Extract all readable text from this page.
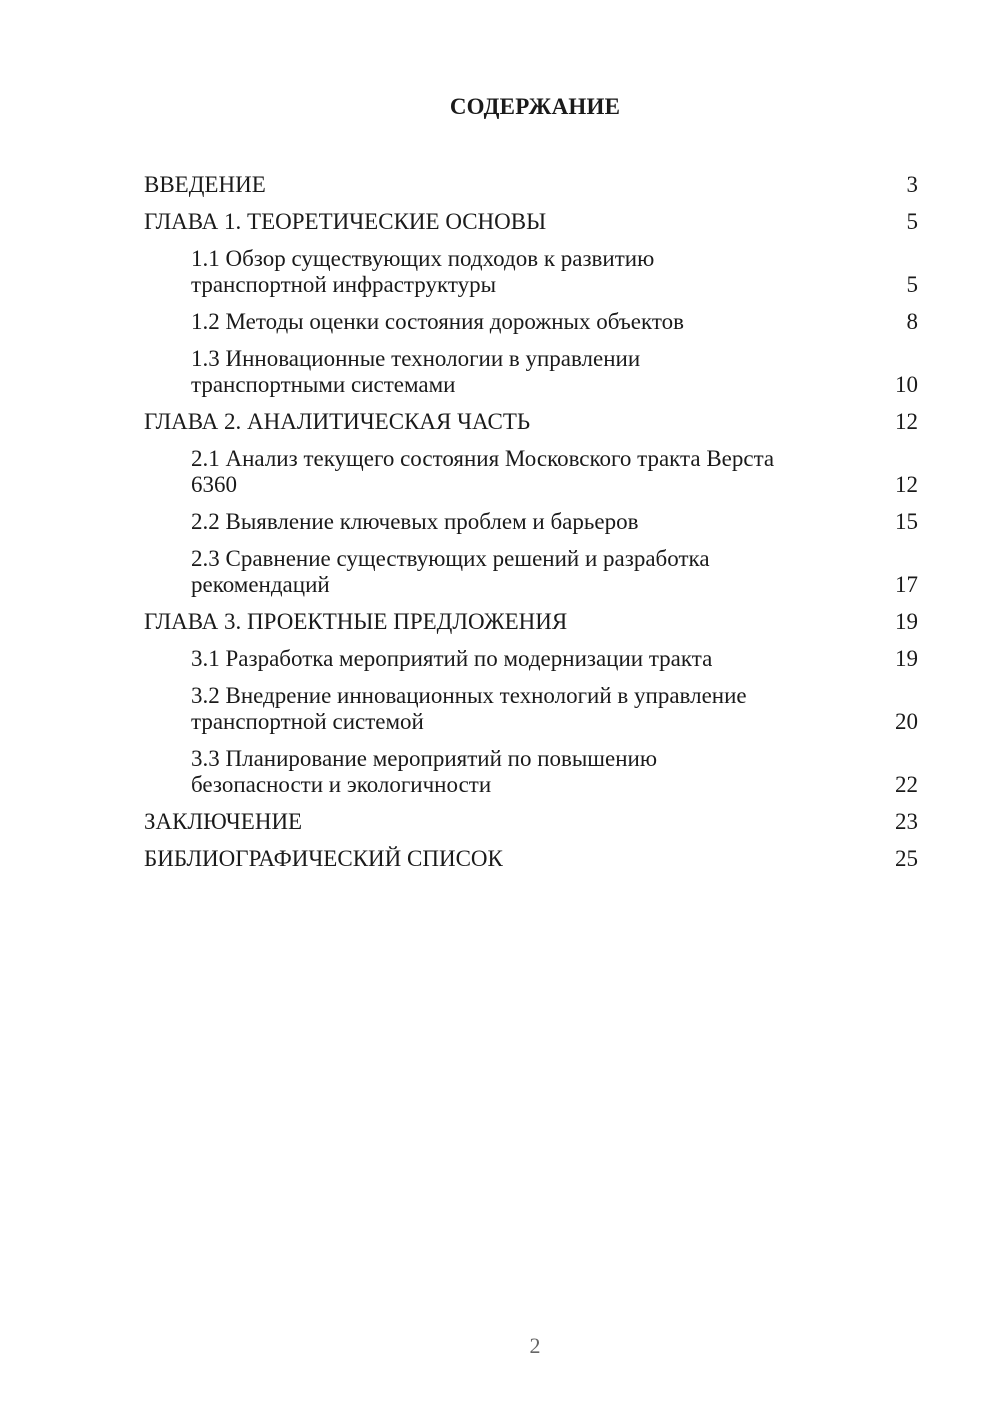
СОДЕРЖАНИЕ
ВВЕДЕНИЕ	3
ГЛАВА 1. ТЕОРЕТИЧЕСКИЕ ОСНОВЫ	5
1.1 Обзор существующих подходов к развитию транспортной инфраструктуры	5
1.2 Методы оценки состояния дорожных объектов	8
1.3 Инновационные технологии в управлении транспортными системами	10
ГЛАВА 2. АНАЛИТИЧЕСКАЯ ЧАСТЬ	12
2.1 Анализ текущего состояния Московского тракта Верста 6360	12
2.2 Выявление ключевых проблем и барьеров	15
2.3 Сравнение существующих решений и разработка рекомендаций	17
ГЛАВА 3. ПРОЕКТНЫЕ ПРЕДЛОЖЕНИЯ	19
3.1 Разработка мероприятий по модернизации тракта	19
3.2 Внедрение инновационных технологий в управление транспортной системой	20
3.3 Планирование мероприятий по повышению безопасности и экологичности	22
ЗАКЛЮЧЕНИЕ	23
БИБЛИОГРАФИЧЕСКИЙ СПИСОК	25
2
